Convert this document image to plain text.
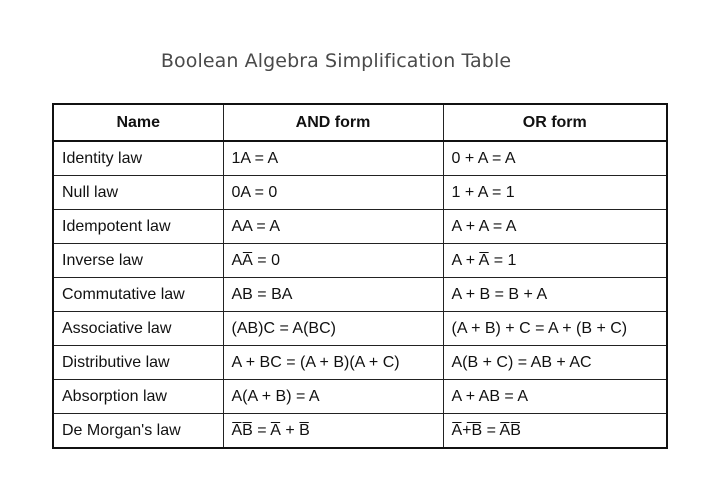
Boolean Algebra Simplification Table
Name	AND form	OR form
Identity law	1A = A	0 + A = A
Null law	0A = 0	1 + A = 1
Idempotent law	AA = A	A + A = A
Inverse law	AA̅ = 0	A + A̅ = 1
Commutative law	AB = BA	A + B = B + A
Associative law	(AB)C = A(BC)	(A + B) + C = A + (B + C)
Distributive law	A + BC = (A + B)(A + C)	A(B + C) = AB + AC
Absorption law	A(A + B) = A	A + AB = A
De Morgan's law	A̅B̅ = A̅ + B̅	A̅+̅B̅ = A̅B̅
